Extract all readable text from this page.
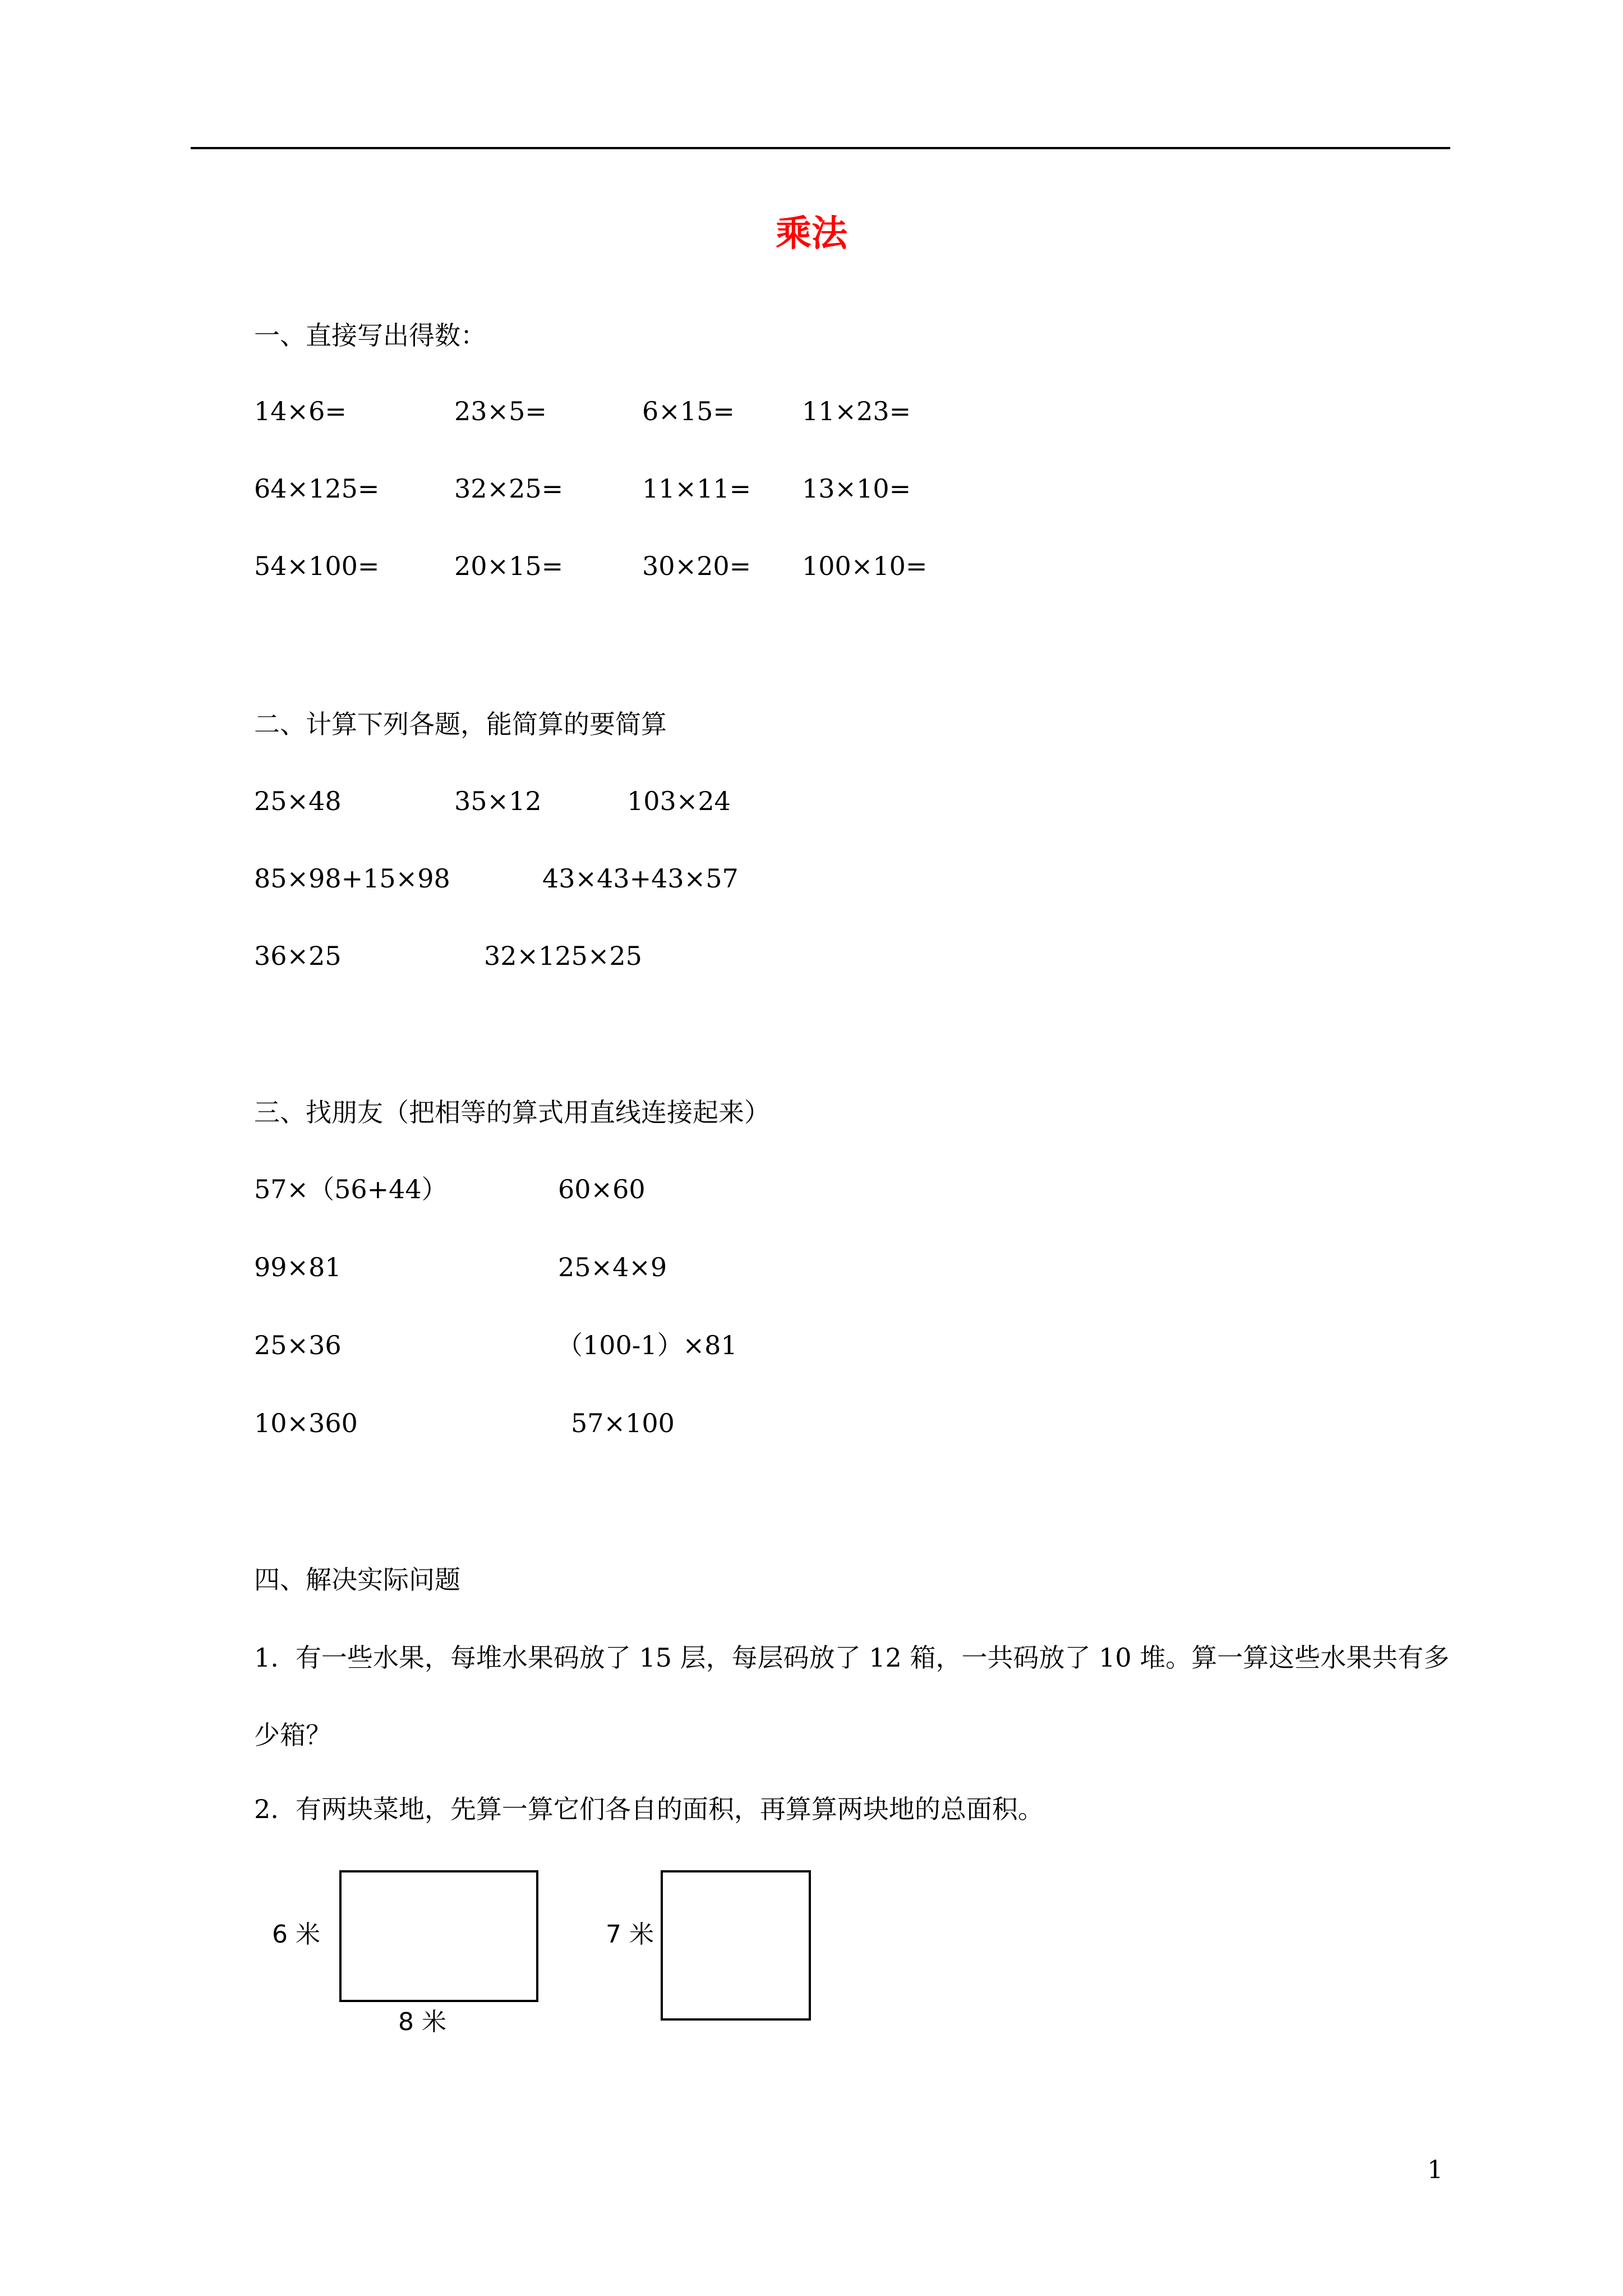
乘法
一、直接写出得数：
14×6=	23×5=	6×15=	11×23=
64×125=	32×25=	11×11= 13×10=
54×100=	20×15=	30×20= 100×10=
二、计算下列各题，能简算的要简算
25×48	35×12	103×24
85×98+15×98	43×43+43×57
36×25	32×125×25
三、找朋友（把相等的算式用直线连接起来）
57×（56+44）	60×60
99×81	25×4×9
25×36	（100-1）×81
10×360	57×100
四、解决实际问题
1. 有一些水果，每堆水果码放了 15 层，每层码放了 12 箱，一共码放了 10 堆。算一算这些水果共有多少箱？
2. 有两块菜地，先算一算它们各自的面积，再算算两块地的总面积。
6 米
8 米
7 米
1
